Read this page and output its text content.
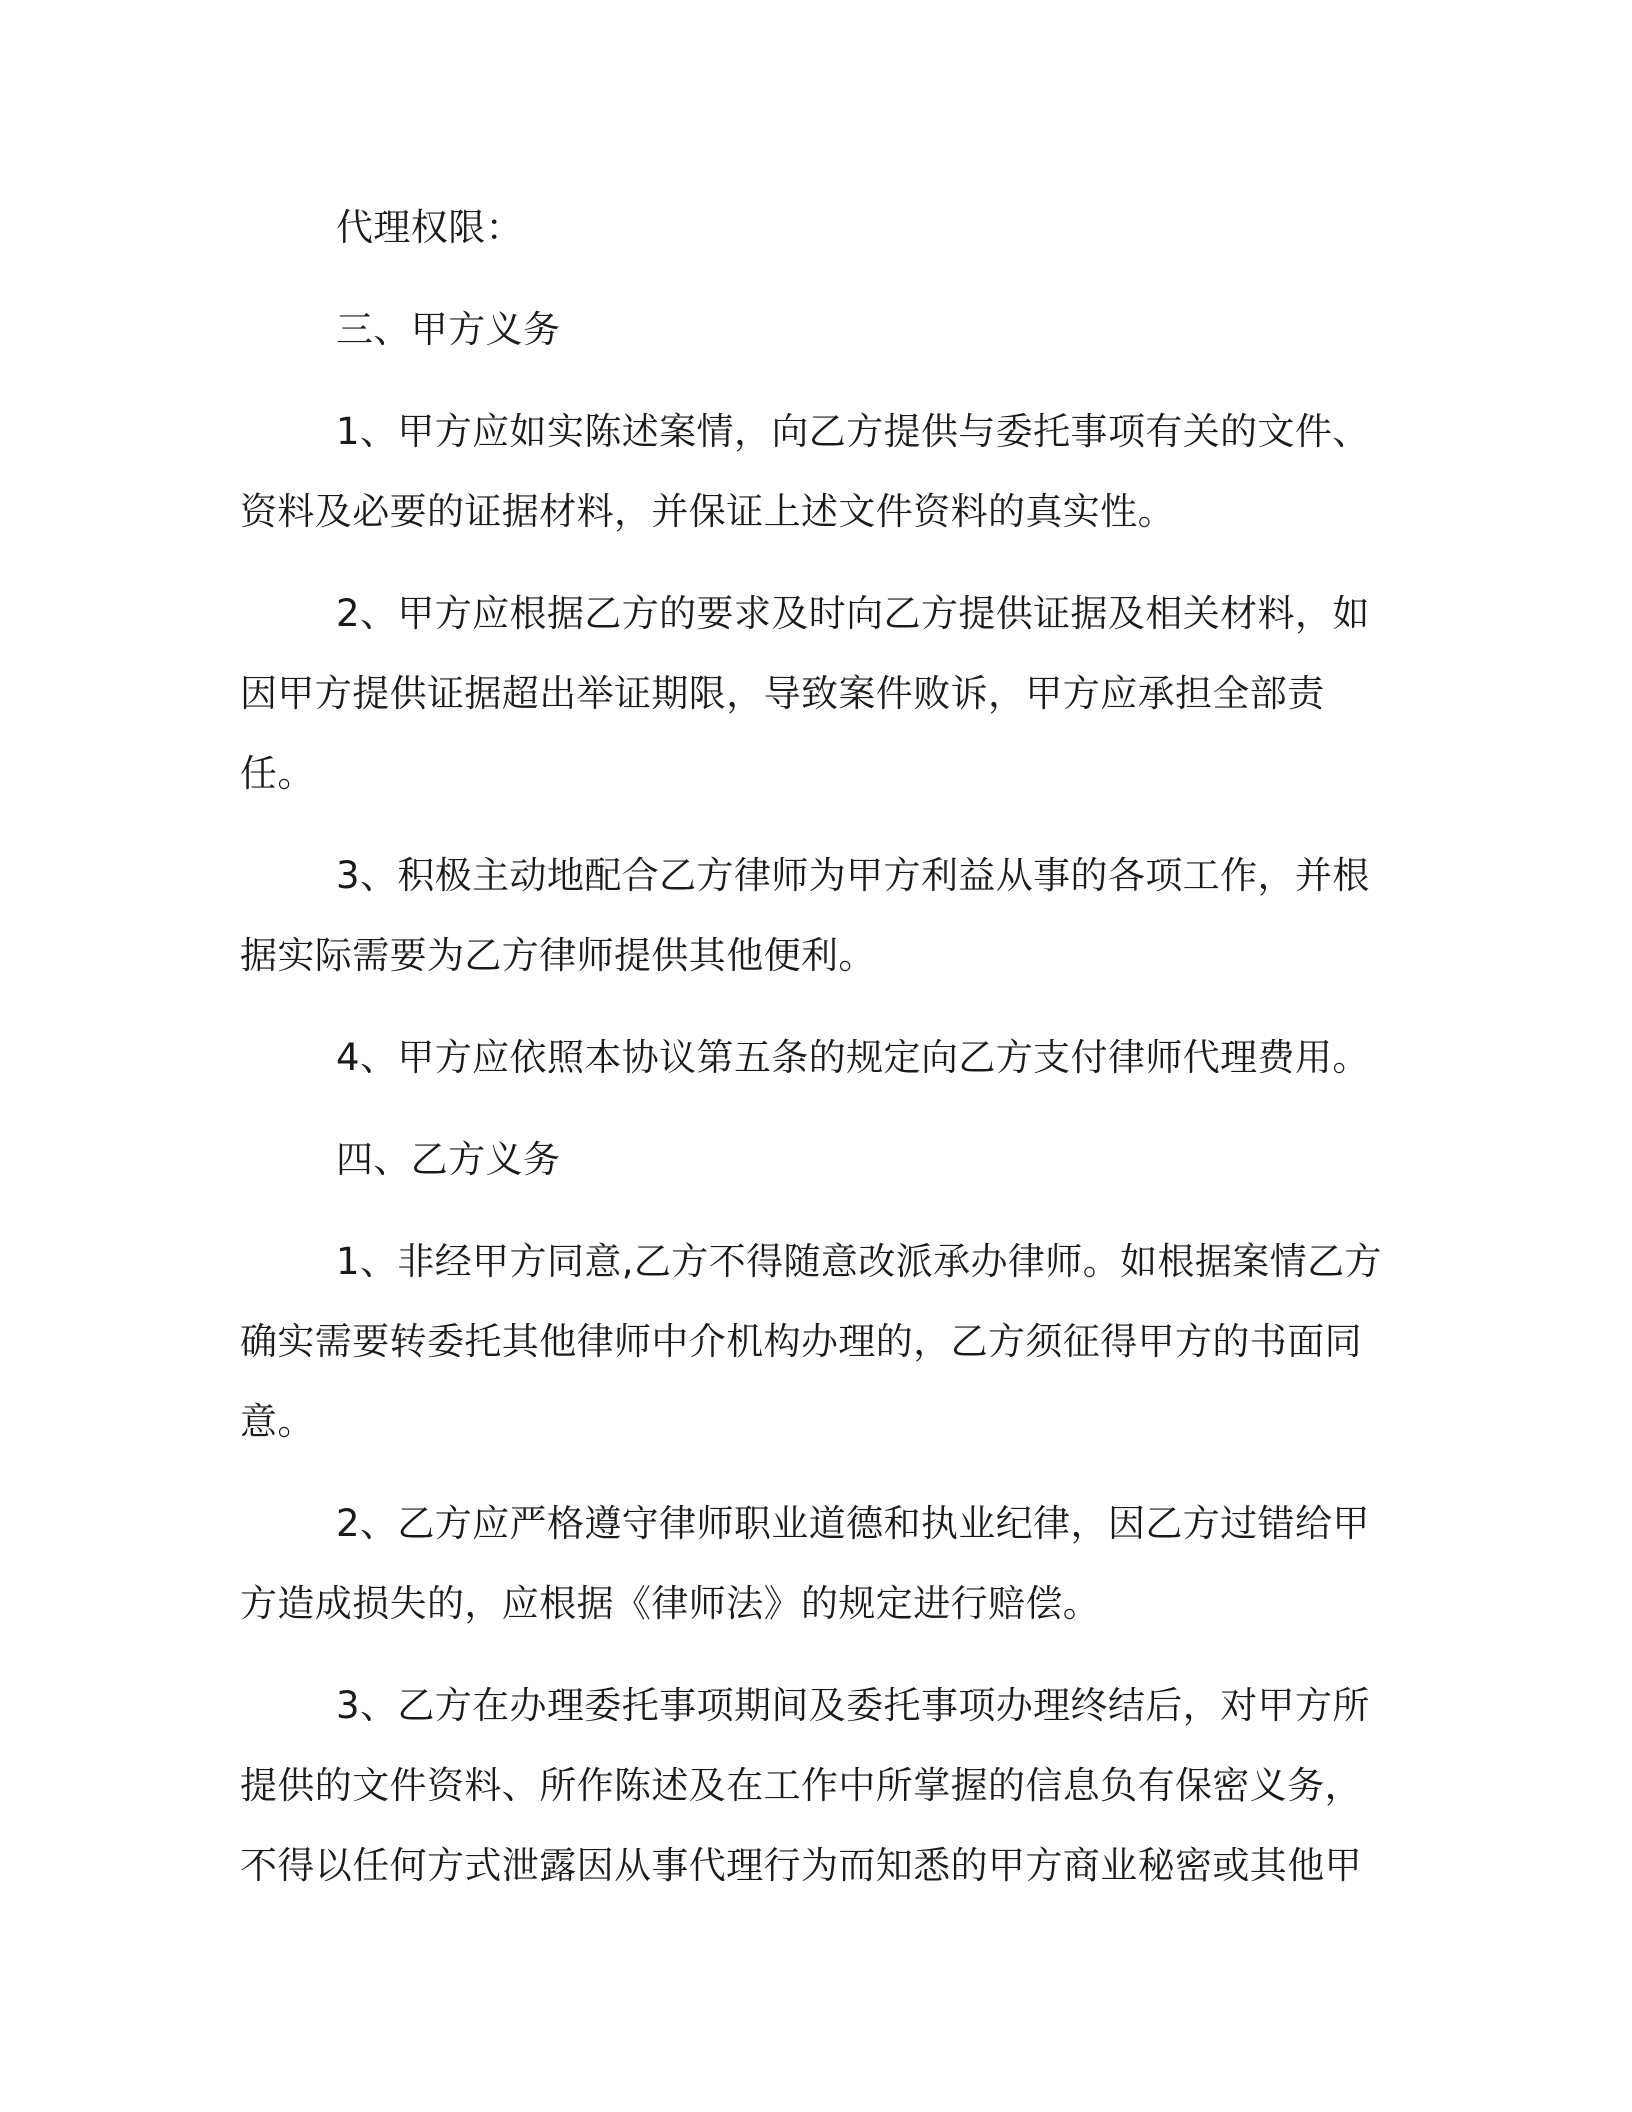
代理权限：

三、甲方义务

1、甲方应如实陈述案情，向乙方提供与委托事项有关的文件、资料及必要的证据材料，并保证上述文件资料的真实性。

2、甲方应根据乙方的要求及时向乙方提供证据及相关材料，如因甲方提供证据超出举证期限，导致案件败诉，甲方应承担全部责任。

3、积极主动地配合乙方律师为甲方利益从事的各项工作，并根据实际需要为乙方律师提供其他便利。

4、甲方应依照本协议第五条的规定向乙方支付律师代理费用。

四、乙方义务

1、非经甲方同意,乙方不得随意改派承办律师。如根据案情乙方确实需要转委托其他律师中介机构办理的，乙方须征得甲方的书面同意。

2、乙方应严格遵守律师职业道德和执业纪律，因乙方过错给甲方造成损失的，应根据《律师法》的规定进行赔偿。

3、乙方在办理委托事项期间及委托事项办理终结后，对甲方所提供的文件资料、所作陈述及在工作中所掌握的信息负有保密义务，不得以任何方式泄露因从事代理行为而知悉的甲方商业秘密或其他甲
